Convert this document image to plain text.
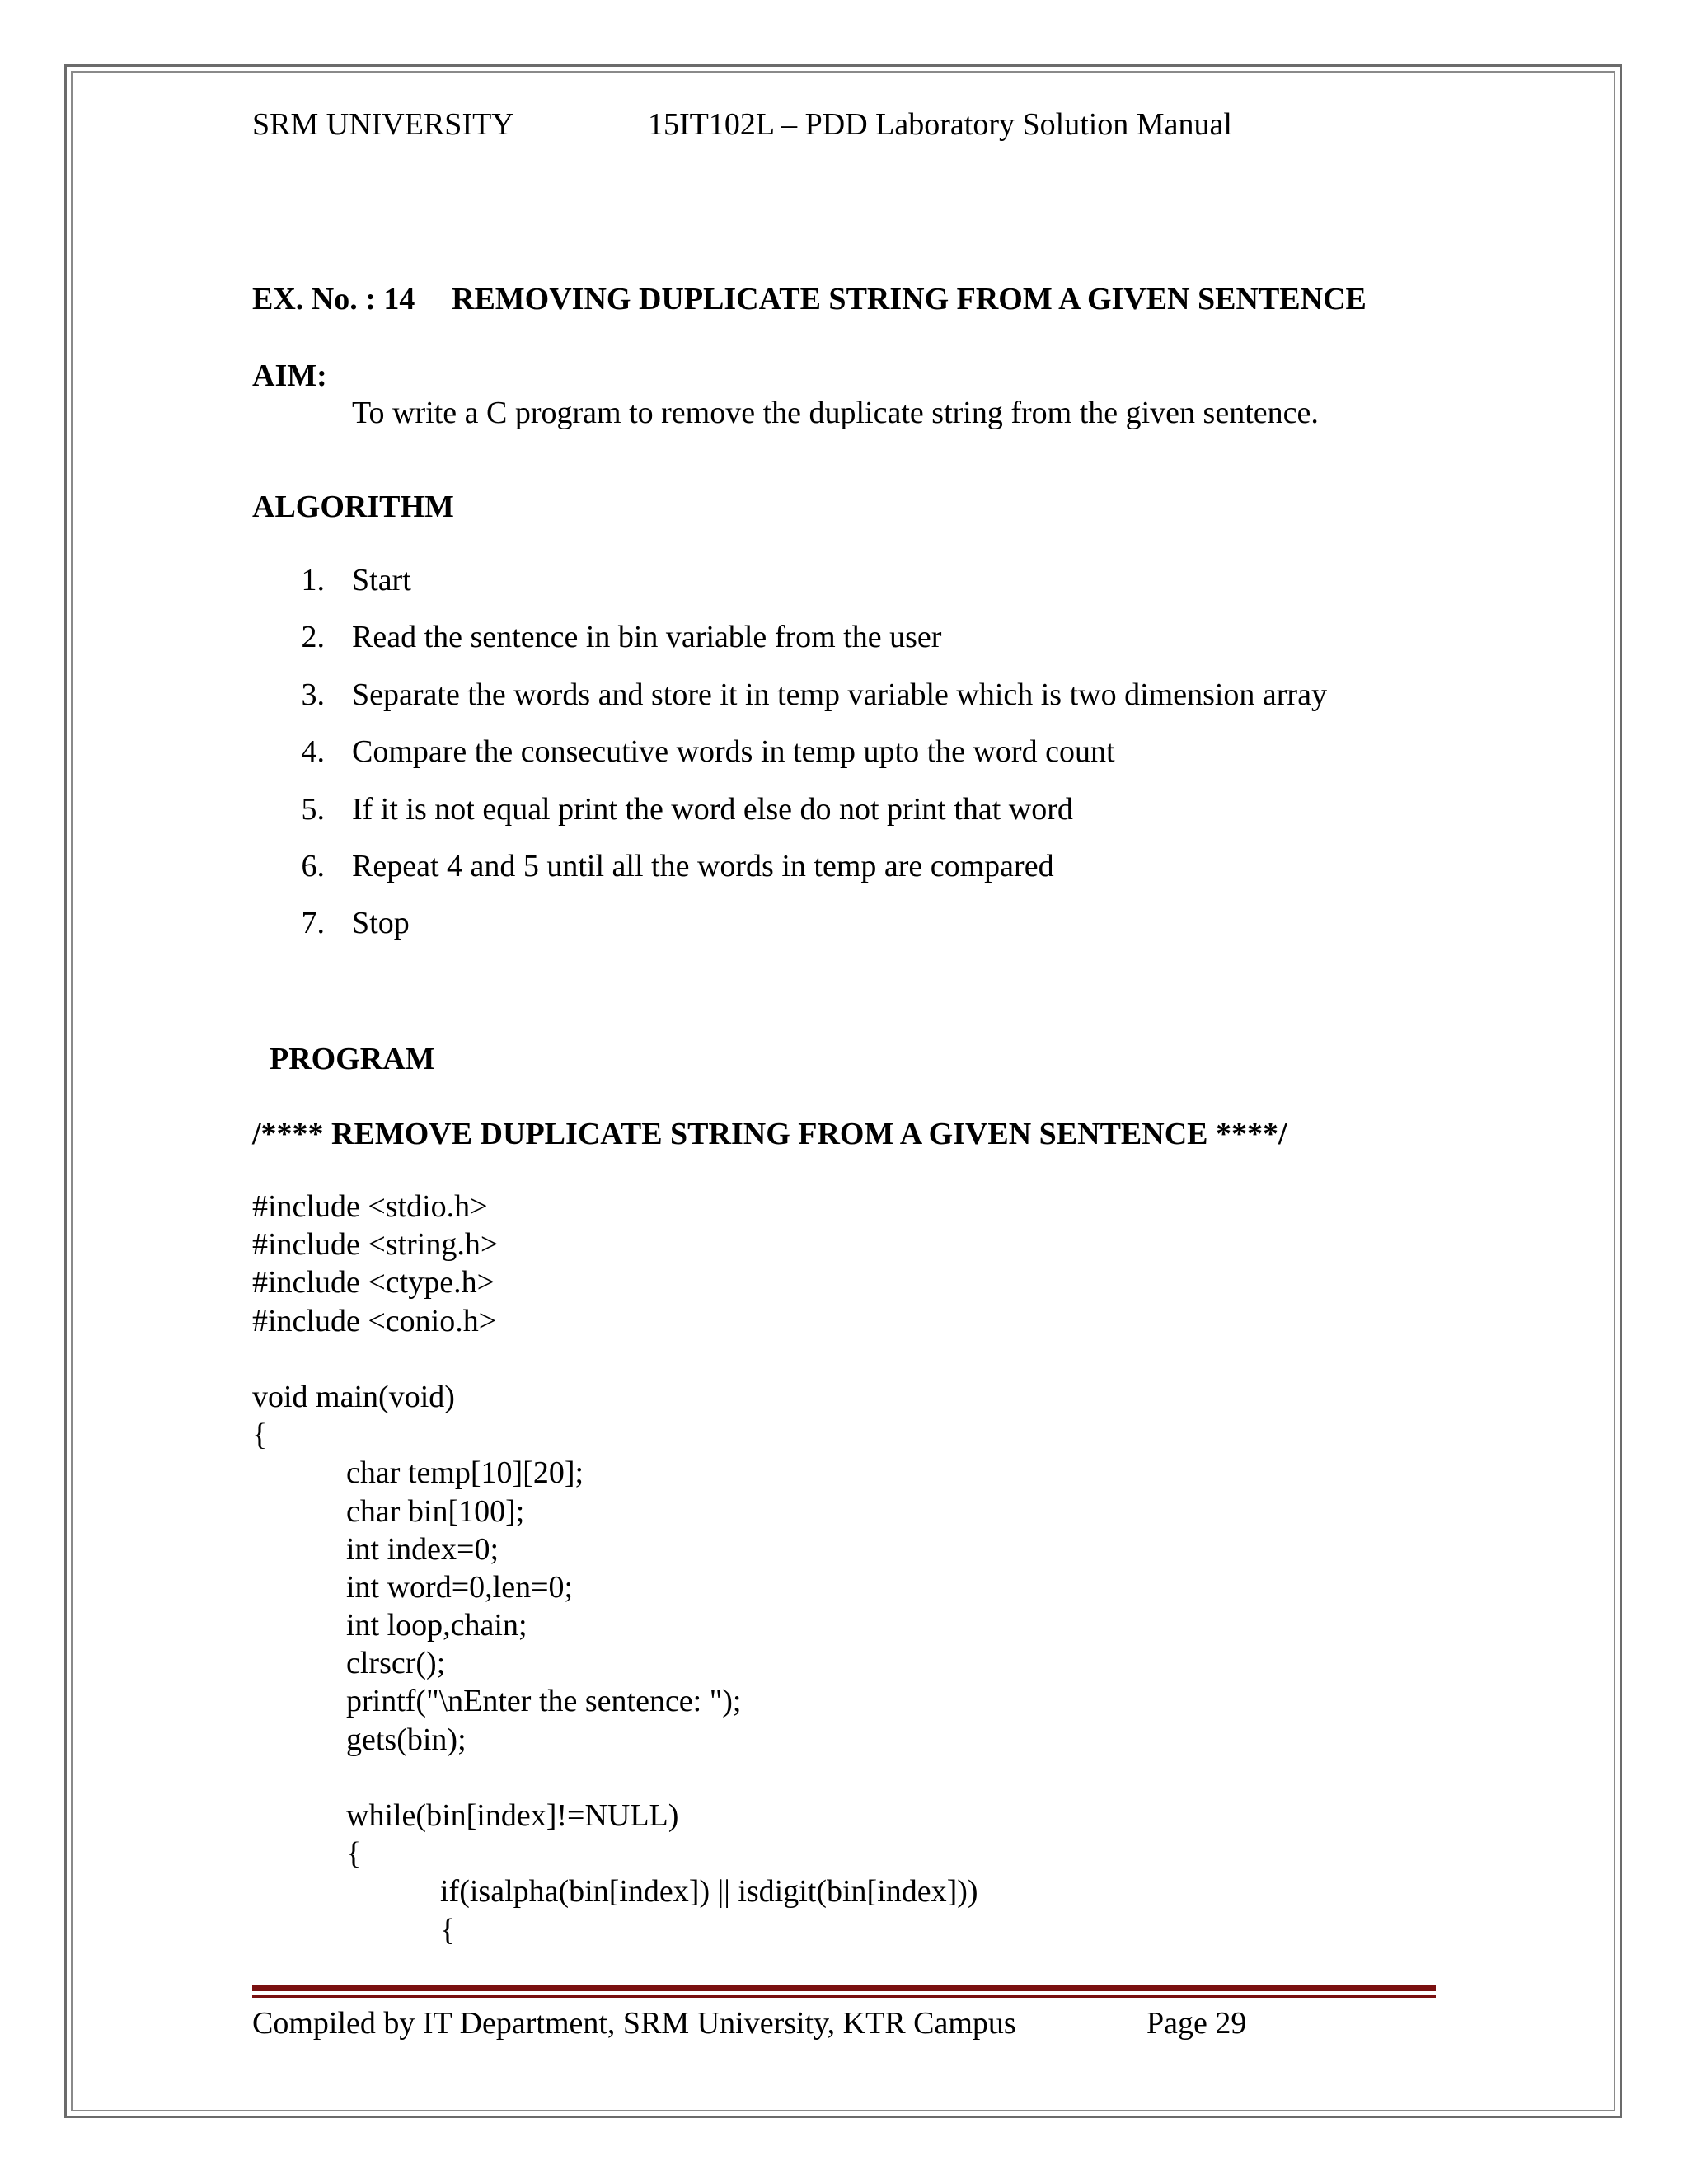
SRM UNIVERSITY	15IT102L – PDD Laboratory Solution Manual
EX. No. : 14 REMOVING DUPLICATE STRING FROM A GIVEN SENTENCE
AIM:
To write a C program to remove the duplicate string from the given sentence.
ALGORITHM
1. Start
2. Read the sentence in bin variable from the user
3. Separate the words and store it in temp variable which is two dimension array
4. Compare the consecutive words in temp upto the word count
5. If it is not equal print the word else do not print that word
6. Repeat 4 and 5 until all the words in temp are compared
7. Stop
PROGRAM
/**** REMOVE DUPLICATE STRING FROM A GIVEN SENTENCE ****/
#include <stdio.h>
#include <string.h>
#include <ctype.h>
#include <conio.h>

void main(void)
{
char temp[10][20];
char bin[100];
int index=0;
int word=0,len=0;
int loop,chain;
clrscr();
printf("\nEnter the sentence: ");
gets(bin);

while(bin[index]!=NULL)
{
if(isalpha(bin[index]) || isdigit(bin[index]))
{
Compiled by IT Department, SRM University, KTR Campus	Page 29
